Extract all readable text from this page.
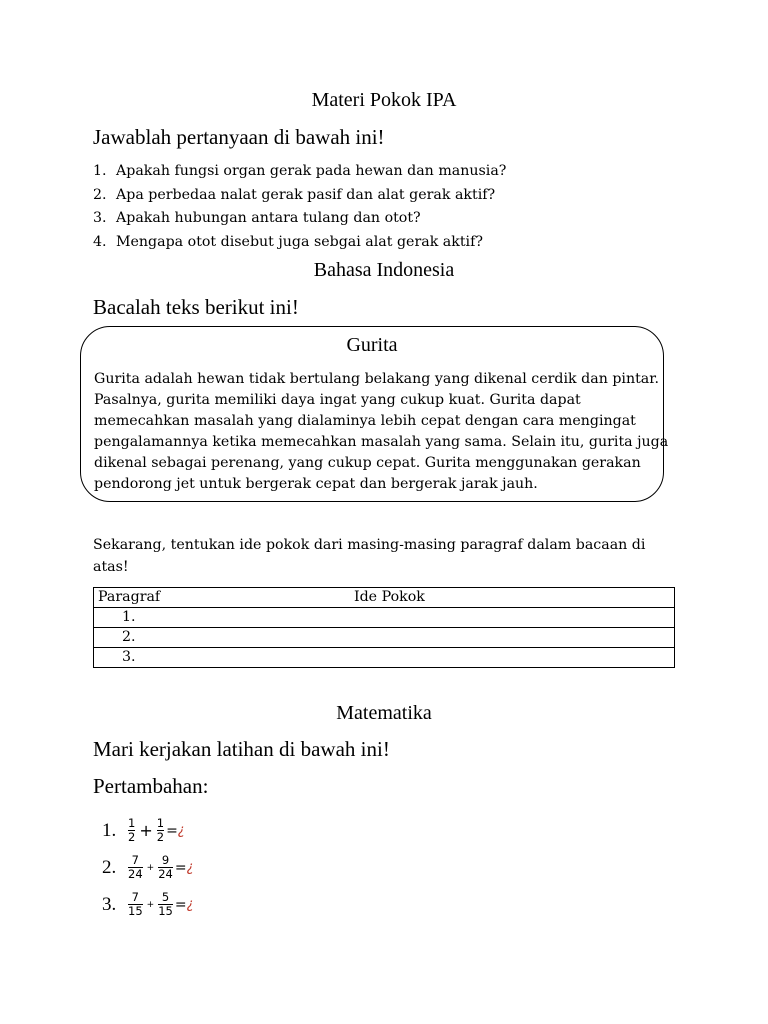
Materi Pokok IPA
Jawablah pertanyaan di bawah ini!
1. Apakah fungsi organ gerak pada hewan dan manusia?
2. Apa perbedaa nalat gerak pasif dan alat gerak aktif?
3. Apakah hubungan antara tulang dan otot?
4. Mengapa otot disebut juga sebgai alat gerak aktif?
Bahasa Indonesia
Bacalah teks berikut ini!
Gurita
Gurita adalah hewan tidak bertulang belakang yang dikenal cerdik dan pintar.
Pasalnya, gurita memiliki daya ingat yang cukup kuat. Gurita dapat
memecahkan masalah yang dialaminya lebih cepat dengan cara mengingat
pengalamannya ketika memecahkan masalah yang sama. Selain itu, gurita juga
dikenal sebagai perenang, yang cukup cepat. Gurita menggunakan gerakan
pendorong jet untuk bergerak cepat dan bergerak jarak jauh.
Sekarang, tentukan ide pokok dari masing-masing paragraf dalam bacaan di
atas!
Paragraf	Ide Pokok
1.
2.
3.
Matematika
Mari kerjakan latihan di bawah ini!
Pertambahan:
1.	$\frac{1}{2} + \frac{1}{2}$ = ¿
2.	$\frac{7}{24} + \frac{9}{24}$ = ¿
3.	$\frac{7}{15} + \frac{5}{15}$ = ¿
